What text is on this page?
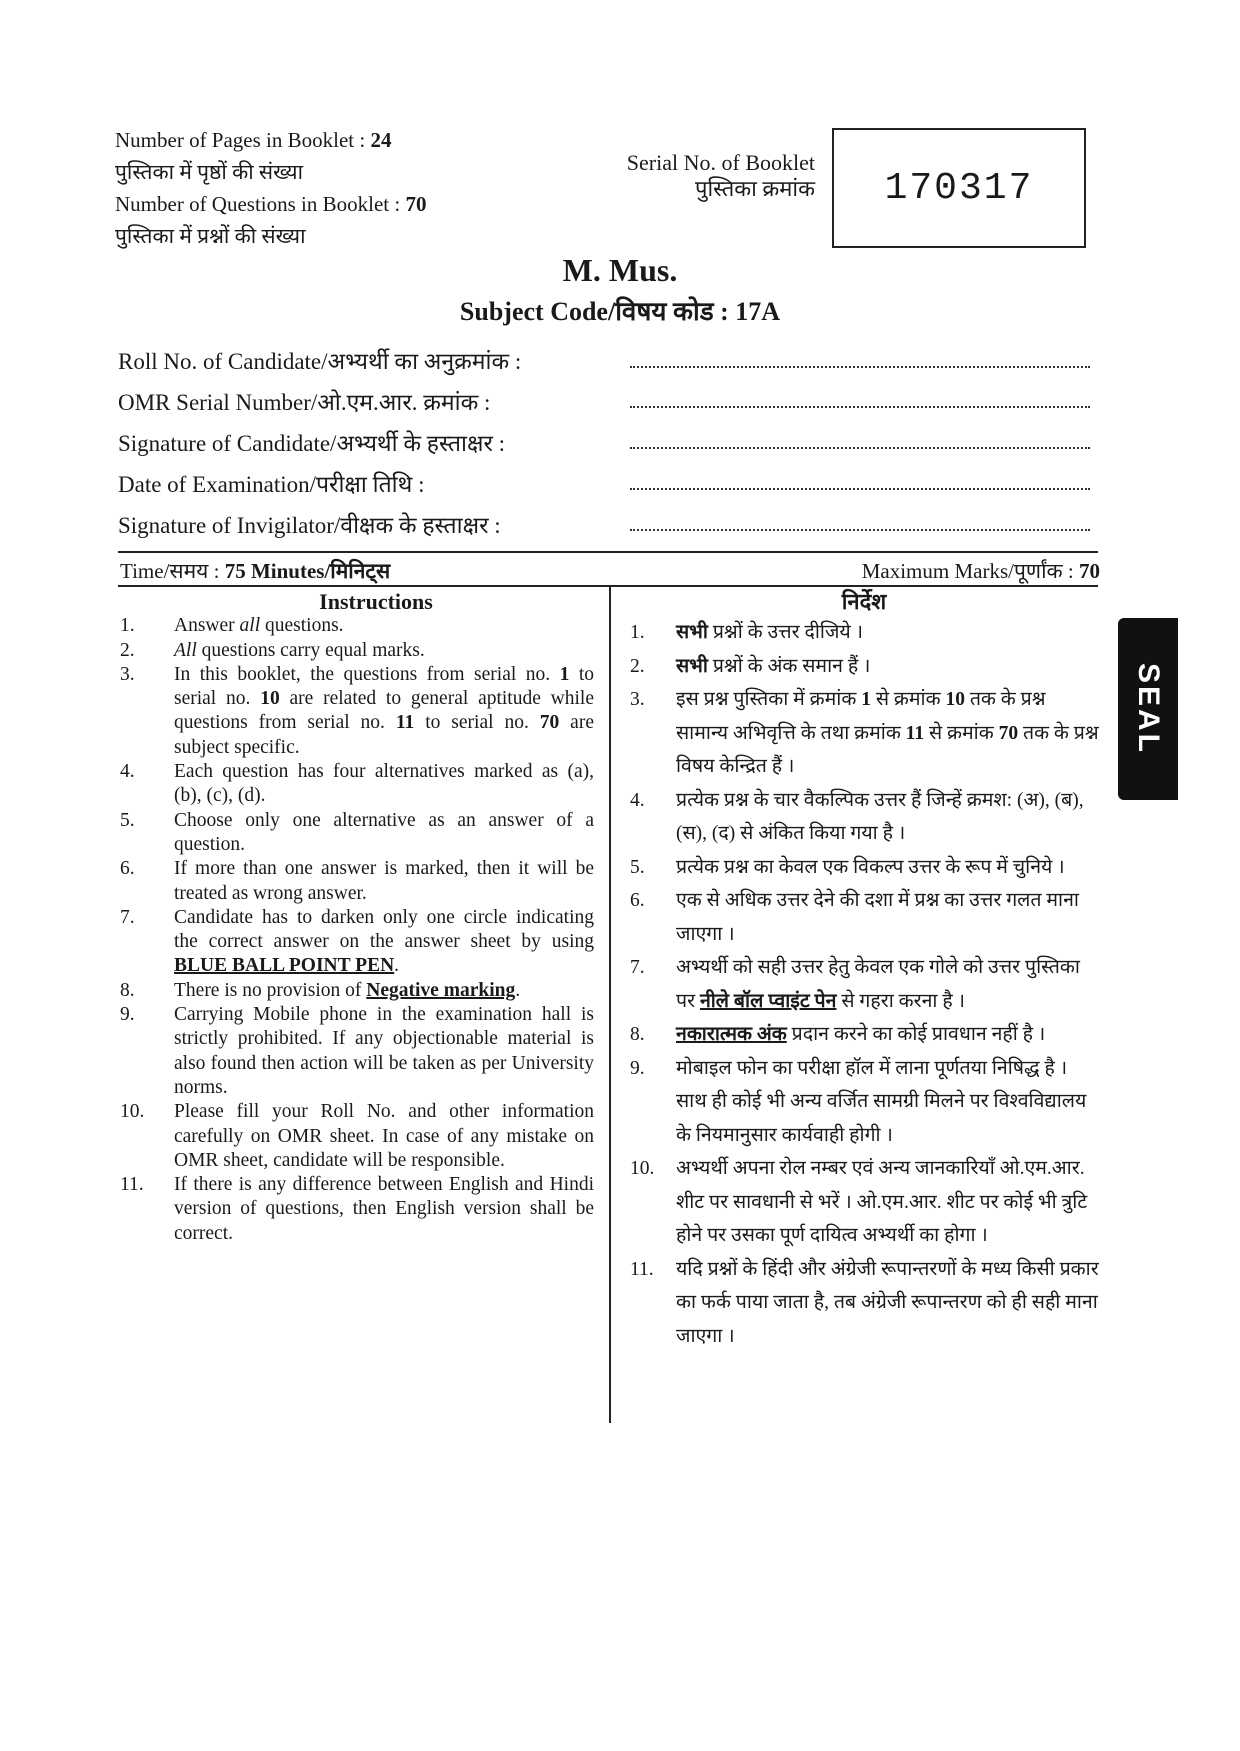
Number of Pages in Booklet : 24
पुस्तिका में पृष्ठों की संख्या
Number of Questions in Booklet : 70
पुस्तिका में प्रश्नों की संख्या
Serial No. of Booklet
पुस्तिका क्रमांक 170317
M. Mus.
Subject Code/विषय कोड : 17A
Roll No. of Candidate/अभ्यर्थी का अनुक्रमांक :
OMR Serial Number/ओ.एम.आर. क्रमांक :
Signature of Candidate/अभ्यर्थी के हस्ताक्षर :
Date of Examination/परीक्षा तिथि :
Signature of Invigilator/वीक्षक के हस्ताक्षर :
Time/समय : 75 Minutes/मिनिट्स	Maximum Marks/पूर्णांक : 70
Instructions
1. Answer all questions.
2. All questions carry equal marks.
3. In this booklet, the questions from serial no. 1 to serial no. 10 are related to general aptitude while questions from serial no. 11 to serial no. 70 are subject specific.
4. Each question has four alternatives marked as (a), (b), (c), (d).
5. Choose only one alternative as an answer of a question.
6. If more than one answer is marked, then it will be treated as wrong answer.
7. Candidate has to darken only one circle indicating the correct answer on the answer sheet by using BLUE BALL POINT PEN.
8. There is no provision of Negative marking.
9. Carrying Mobile phone in the examination hall is strictly prohibited. If any objectionable material is also found then action will be taken as per University norms.
10. Please fill your Roll No. and other information carefully on OMR sheet. In case of any mistake on OMR sheet, candidate will be responsible.
11. If there is any difference between English and Hindi version of questions, then English version shall be correct.
निर्देश
1. सभी प्रश्नों के उत्तर दीजिये ।
2. सभी प्रश्नों के अंक समान हैं ।
3. इस प्रश्न पुस्तिका में क्रमांक 1 से क्रमांक 10 तक के प्रश्न सामान्य अभिवृत्ति के तथा क्रमांक 11 से क्रमांक 70 तक के प्रश्न विषय केन्द्रित हैं ।
4. प्रत्येक प्रश्न के चार वैकल्पिक उत्तर हैं जिन्हें क्रमश: (अ), (ब), (स), (द) से अंकित किया गया है ।
5. प्रत्येक प्रश्न का केवल एक विकल्प उत्तर के रूप में चुनिये ।
6. एक से अधिक उत्तर देने की दशा में प्रश्न का उत्तर गलत माना जाएगा ।
7. अभ्यर्थी को सही उत्तर हेतु केवल एक गोले को उत्तर पुस्तिका पर नीले बॉल प्वाइंट पेन से गहरा करना है ।
8. नकारात्मक अंक प्रदान करने का कोई प्रावधान नहीं है ।
9. मोबाइल फोन का परीक्षा हॉल में लाना पूर्णतया निषिद्ध है । साथ ही कोई भी अन्य वर्जित सामग्री मिलने पर विश्वविद्यालय के नियमानुसार कार्यवाही होगी ।
10. अभ्यर्थी अपना रोल नम्बर एवं अन्य जानकारियाँ ओ.एम.आर. शीट पर सावधानी से भरें । ओ.एम.आर. शीट पर कोई भी त्रुटि होने पर उसका पूर्ण दायित्व अभ्यर्थी का होगा ।
11. यदि प्रश्नों के हिंदी और अंग्रेजी रूपान्तरणों के मध्य किसी प्रकार का फर्क पाया जाता है, तब अंग्रेजी रूपान्तरण को ही सही माना जाएगा ।
SEAL
